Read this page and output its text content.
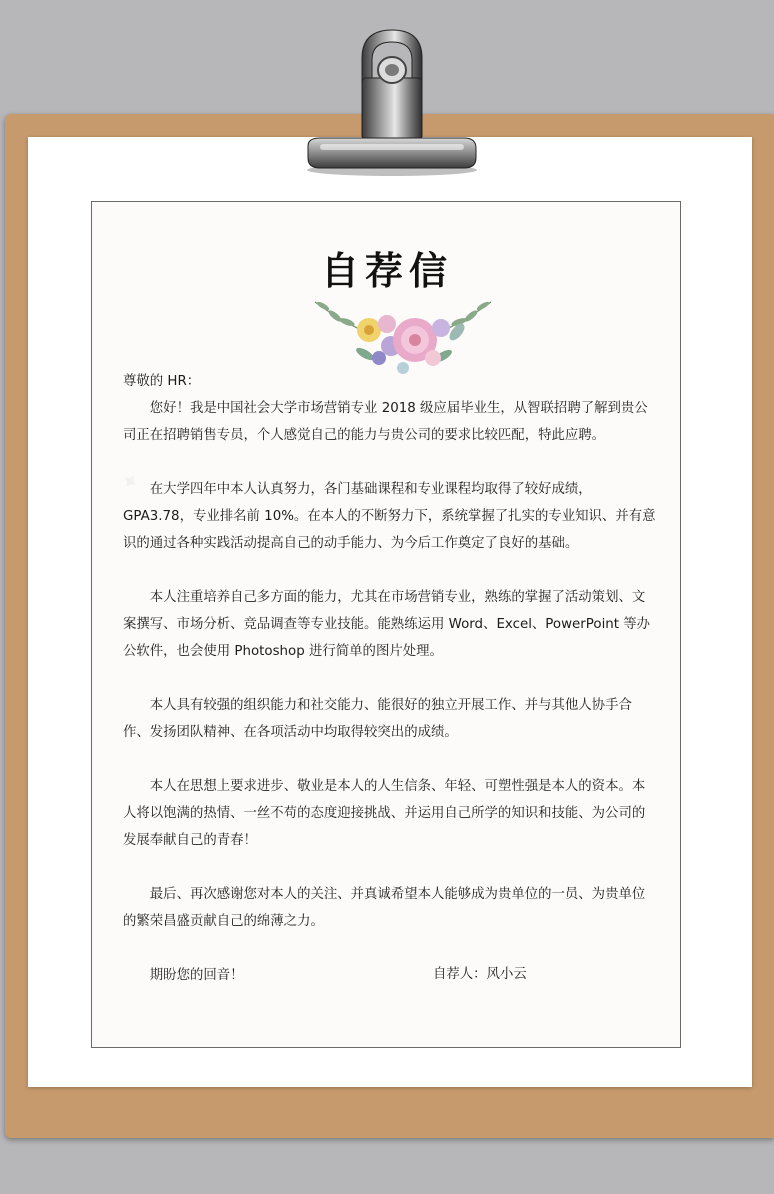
自荐信

尊敬的 HR：

您好！我是中国社会大学市场营销专业 2018 级应届毕业生，从智联招聘了解到贵公司正在招聘销售专员，个人感觉自己的能力与贵公司的要求比较匹配，特此应聘。

在大学四年中本人认真努力，各门基础课程和专业课程均取得了较好成绩，GPA3.78，专业排名前 10%。在本人的不断努力下，系统掌握了扎实的专业知识、并有意识的通过各种实践活动提高自己的动手能力、为今后工作奠定了良好的基础。

本人注重培养自己多方面的能力，尤其在市场营销专业，熟练的掌握了活动策划、文案撰写、市场分析、竞品调查等专业技能。能熟练运用 Word、Excel、PowerPoint 等办公软件，也会使用 Photoshop 进行简单的图片处理。

本人具有较强的组织能力和社交能力、能很好的独立开展工作、并与其他人协手合作、发扬团队精神、在各项活动中均取得较突出的成绩。

本人在思想上要求进步、敬业是本人的人生信条、年轻、可塑性强是本人的资本。本人将以饱满的热情、一丝不苟的态度迎接挑战、并运用自己所学的知识和技能、为公司的发展奉献自己的青春！

最后、再次感谢您对本人的关注、并真诚希望本人能够成为贵单位的一员、为贵单位的繁荣昌盛贡献自己的绵薄之力。

期盼您的回音！	自荐人：风小云
